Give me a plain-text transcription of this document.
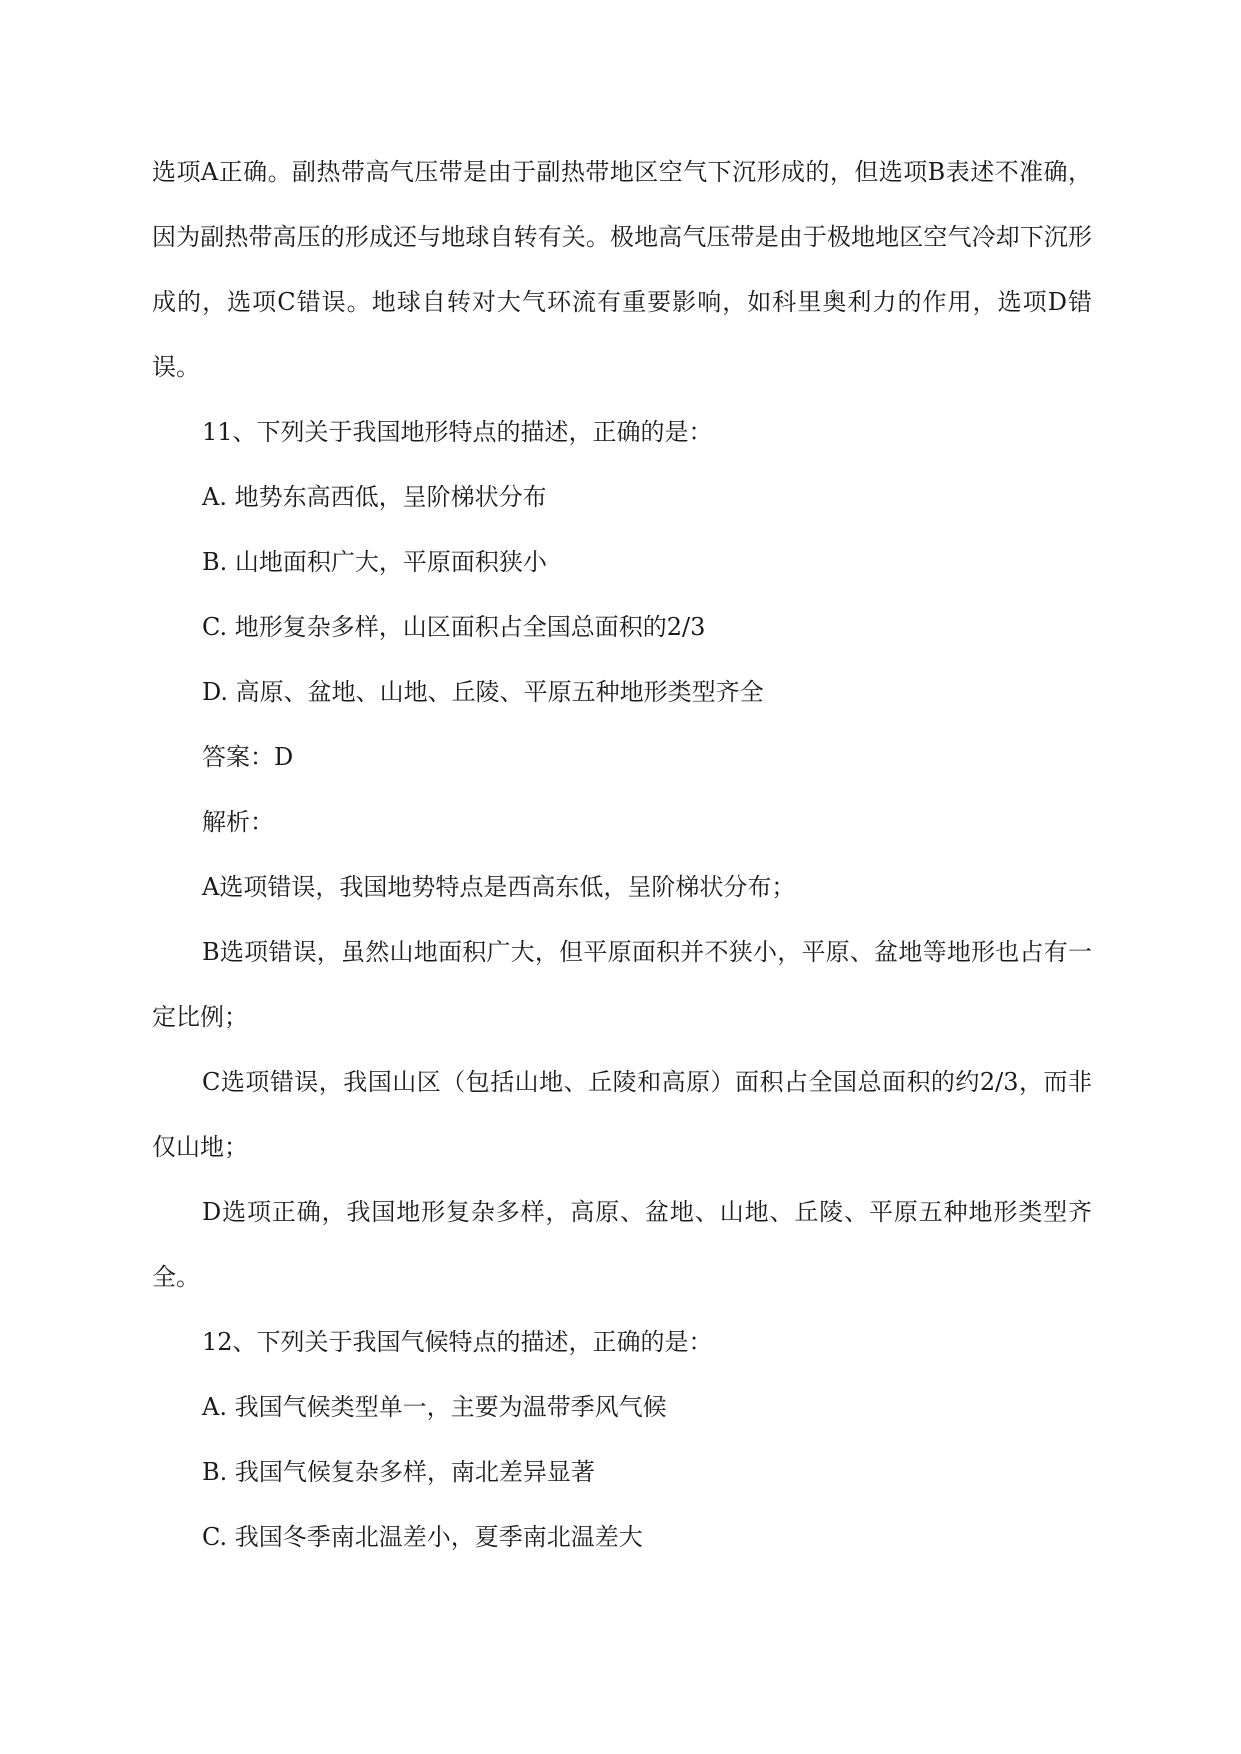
选项A正确。副热带高气压带是由于副热带地区空气下沉形成的，但选项B表述不准确，因为副热带高压的形成还与地球自转有关。极地高气压带是由于极地地区空气冷却下沉形成的，选项C错误。地球自转对大气环流有重要影响，如科里奥利力的作用，选项D错误。

11、下列关于我国地形特点的描述，正确的是：

A. 地势东高西低，呈阶梯状分布

B. 山地面积广大，平原面积狭小

C. 地形复杂多样，山区面积占全国总面积的2/3

D. 高原、盆地、山地、丘陵、平原五种地形类型齐全

答案：D

解析：

A选项错误，我国地势特点是西高东低，呈阶梯状分布；

B选项错误，虽然山地面积广大，但平原面积并不狭小，平原、盆地等地形也占有一定比例；

C选项错误，我国山区（包括山地、丘陵和高原）面积占全国总面积的约2/3，而非仅山地；

D选项正确，我国地形复杂多样，高原、盆地、山地、丘陵、平原五种地形类型齐全。

12、下列关于我国气候特点的描述，正确的是：

A. 我国气候类型单一，主要为温带季风气候

B. 我国气候复杂多样，南北差异显著

C. 我国冬季南北温差小，夏季南北温差大
